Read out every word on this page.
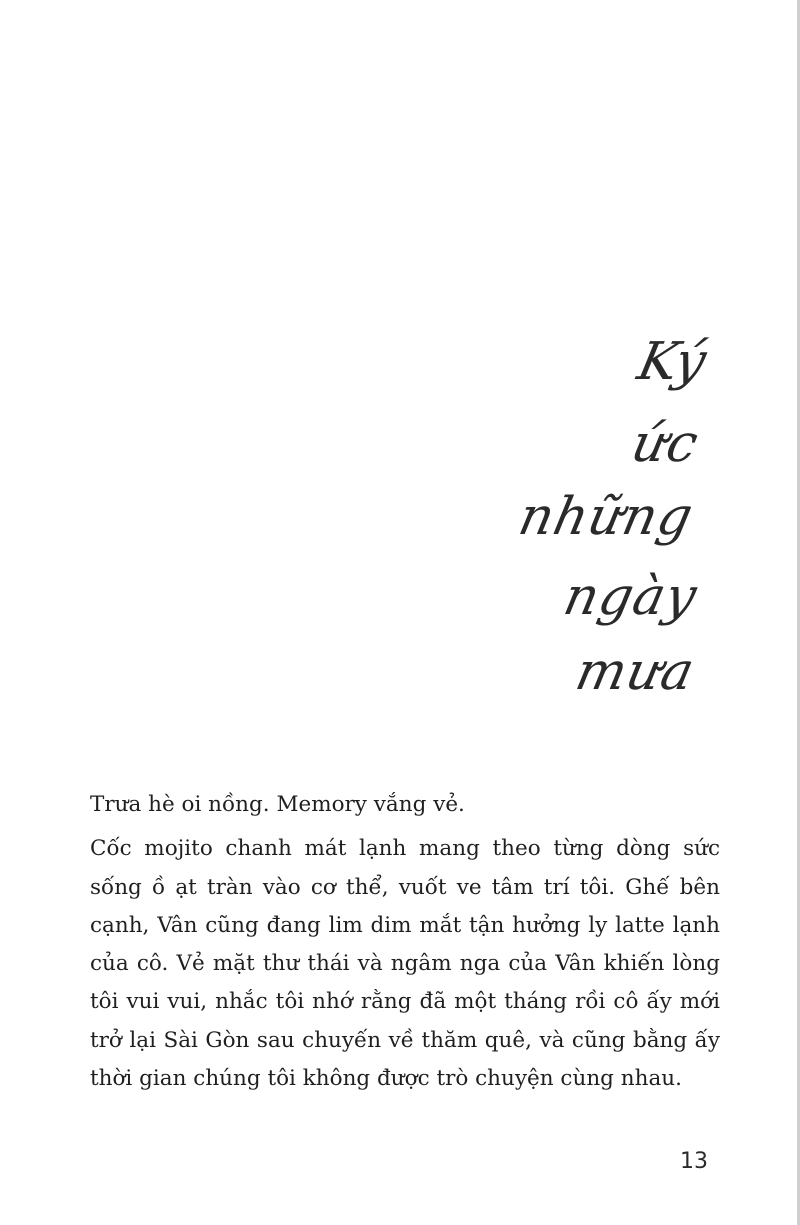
Ký
ức
những
ngày
mưa

Trưa hè oi nồng. Memory vắng vẻ.

Cốc mojito chanh mát lạnh mang theo từng dòng sức sống ồ ạt tràn vào cơ thể, vuốt ve tâm trí tôi. Ghế bên cạnh, Vân cũng đang lim dim mắt tận hưởng ly latte lạnh của cô. Vẻ mặt thư thái và ngâm nga của Vân khiến lòng tôi vui vui, nhắc tôi nhớ rằng đã một tháng rồi cô ấy mới trở lại Sài Gòn sau chuyến về thăm quê, và cũng bằng ấy thời gian chúng tôi không được trò chuyện cùng nhau.

13
